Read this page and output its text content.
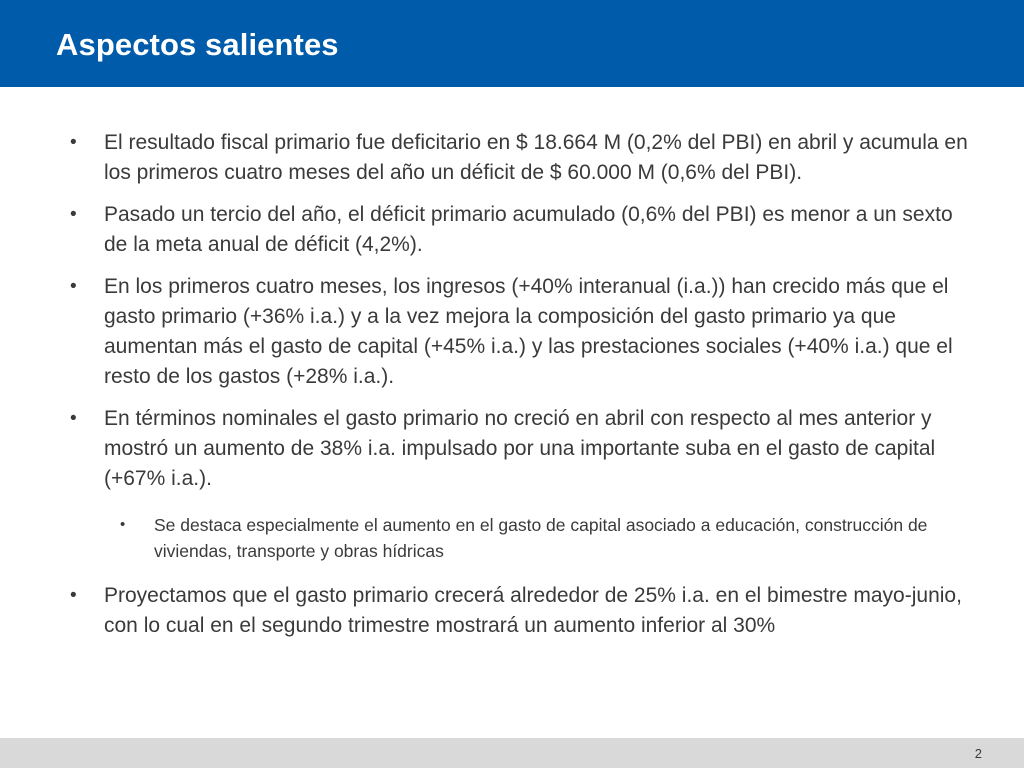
Aspectos salientes
• El resultado fiscal primario fue deficitario en $ 18.664 M (0,2% del PBI) en abril y acumula en los primeros cuatro meses del año un déficit de $ 60.000 M (0,6% del PBI).
• Pasado un tercio del año, el déficit primario acumulado (0,6% del PBI) es menor a un sexto de la meta anual de déficit (4,2%).
• En los primeros cuatro meses, los ingresos (+40% interanual (i.a.)) han crecido más que el gasto primario (+36% i.a.) y a la vez mejora la composición del gasto primario ya que aumentan más el gasto de capital (+45% i.a.) y las prestaciones sociales (+40% i.a.) que el resto de los gastos (+28% i.a.).
• En términos nominales el gasto primario no creció en abril con respecto al mes anterior y mostró un aumento de 38% i.a. impulsado por una importante suba en el gasto de capital (+67% i.a.).
• Se destaca especialmente el aumento en el gasto de capital asociado a educación, construcción de viviendas, transporte y obras hídricas
• Proyectamos que el gasto primario crecerá alrededor de 25% i.a. en el bimestre mayo-junio, con lo cual en el segundo trimestre mostrará un aumento inferior al 30%
2
